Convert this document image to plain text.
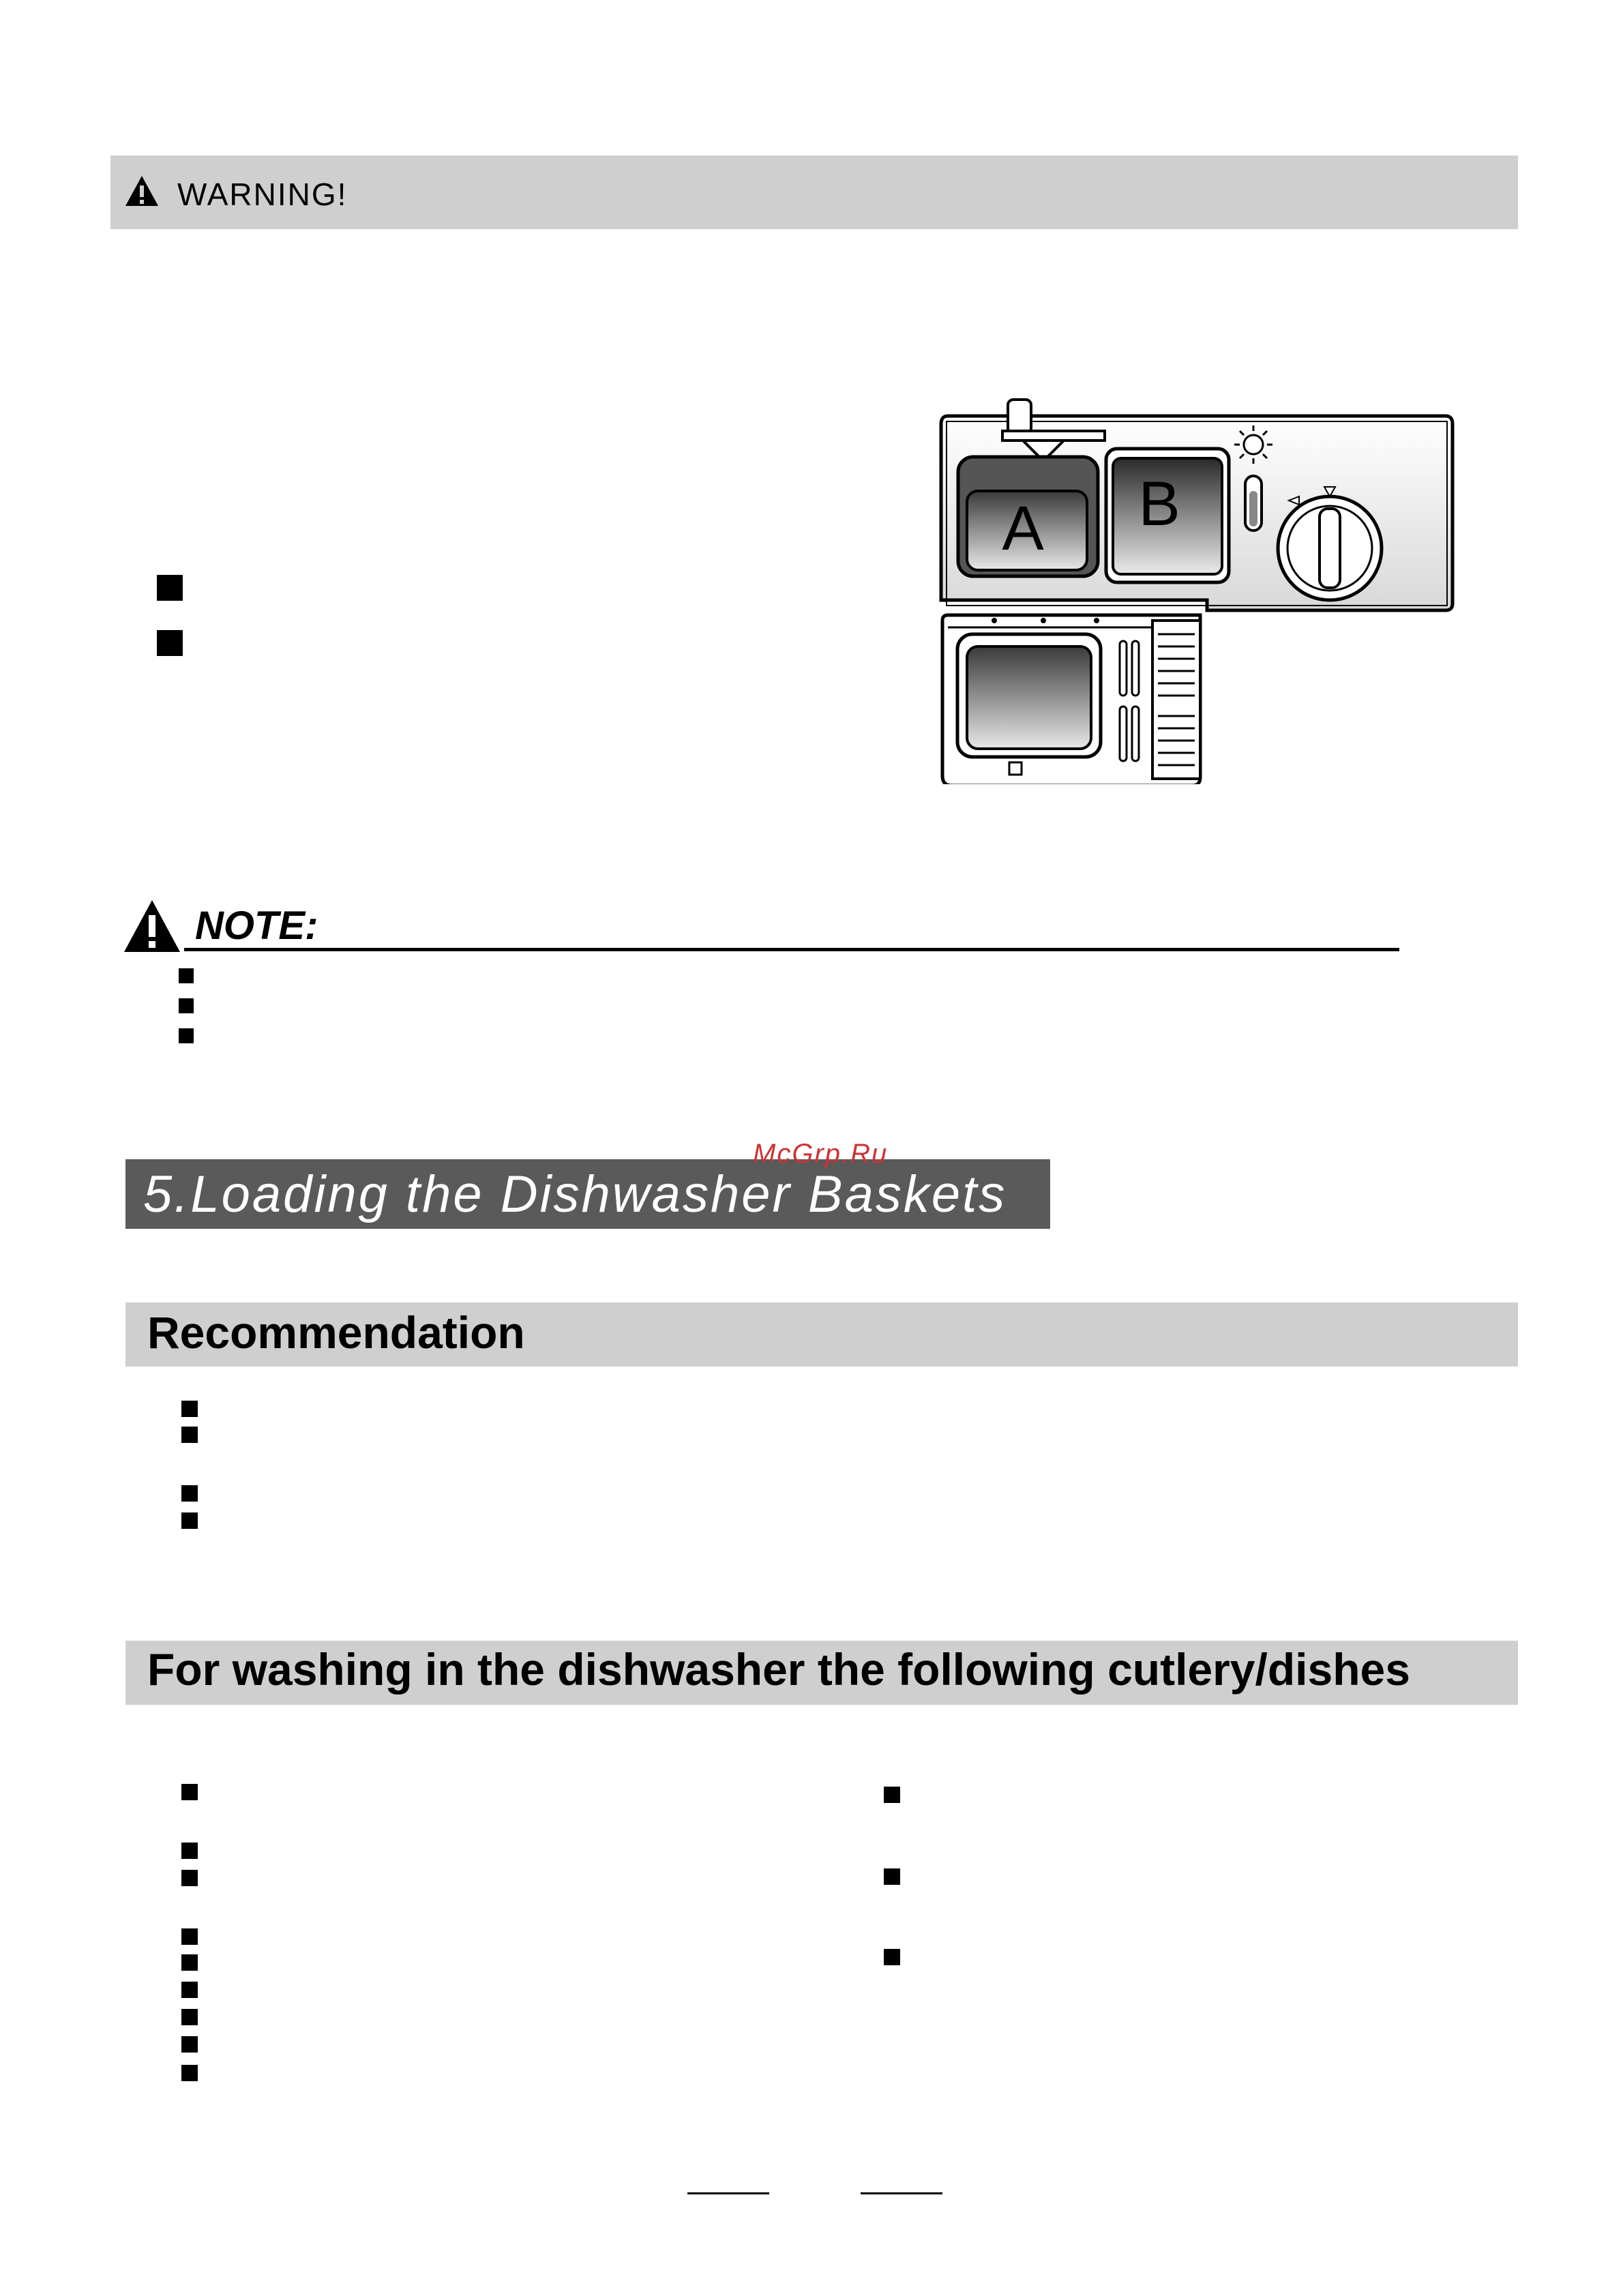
WARNING!
A B
NOTE:
5.Loading the Dishwasher Baskets
McGrp.Ru
Recommendation
For washing in the dishwasher the following cutlery/dishes
